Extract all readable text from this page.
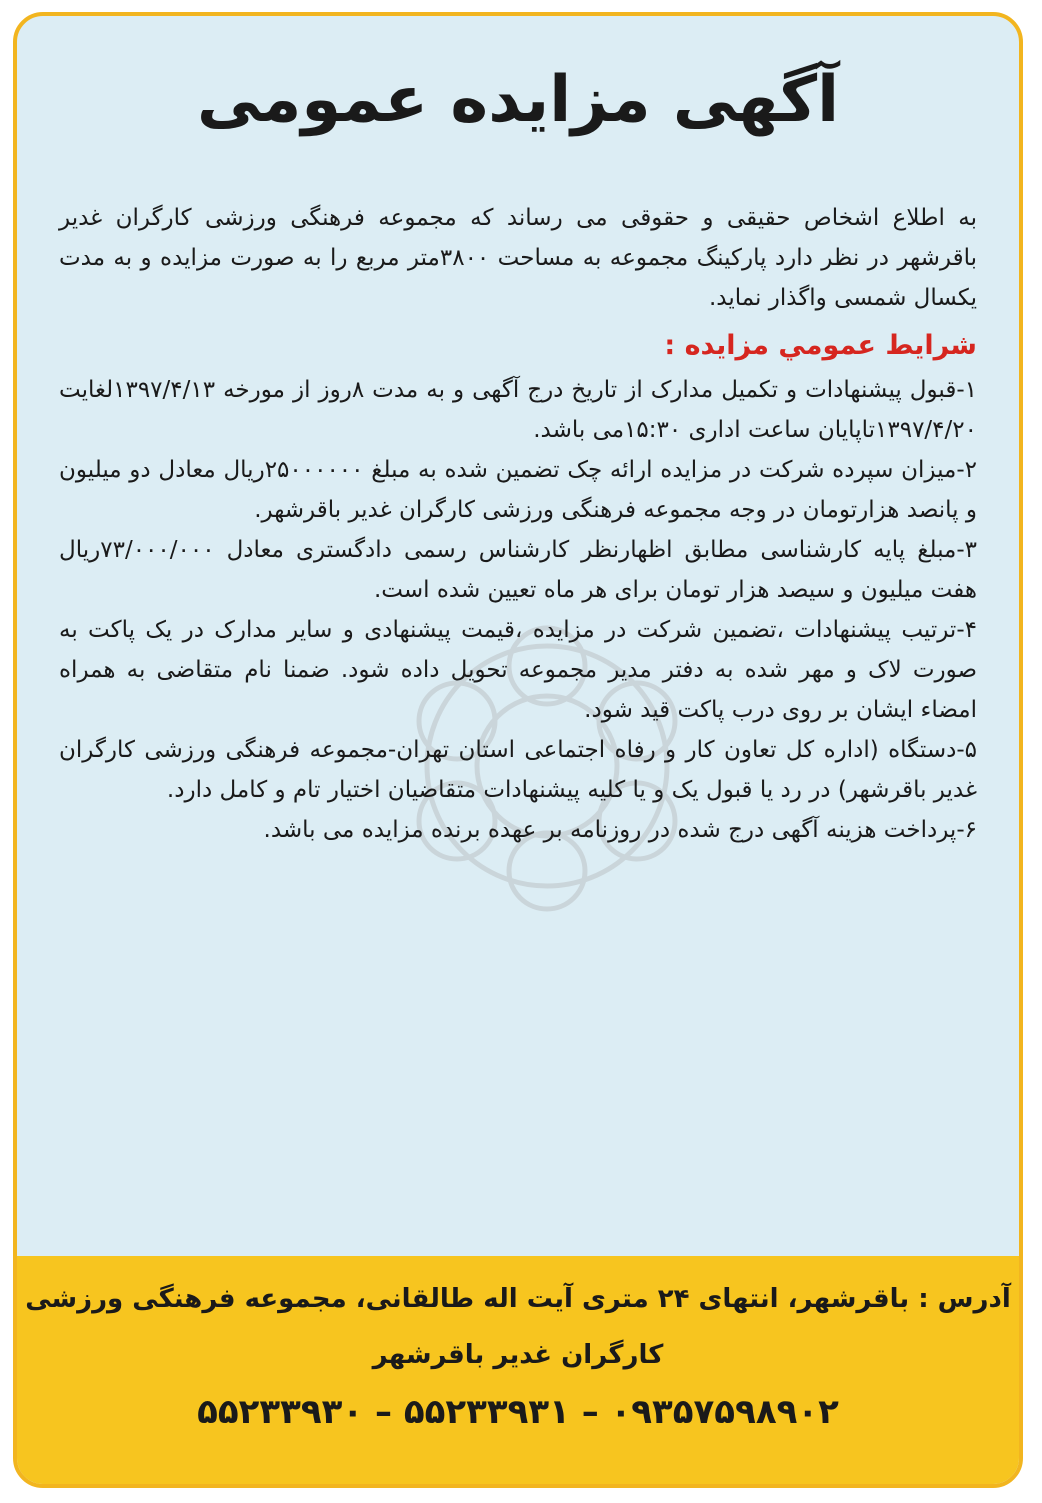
آگهی مزایده عمومی

به اطلاع اشخاص حقیقی و حقوقی می رساند که مجموعه فرهنگی ورزشی کارگران غدیر باقرشهر در نظر دارد پارکینگ مجموعه به مساحت ۳۸۰۰متر مربع را به صورت مزایده و به مدت یکسال شمسی واگذار نماید.

شرايط عمومي مزايده :

۱-قبول پیشنهادات و تکمیل مدارک از تاریخ درج آگهی و به مدت ۸روز از مورخه ۱۳۹۷/۴/۱۳لغایت ۱۳۹۷/۴/۲۰تاپایان ساعت اداری ۱۵:۳۰می باشد.

۲-میزان سپرده شرکت در مزایده ارائه چک تضمین شده به مبلغ ۲۵۰۰۰۰۰۰ریال معادل دو میلیون و پانصد هزارتومان در وجه مجموعه فرهنگی ورزشی کارگران غدیر باقرشهر.

۳-مبلغ پایه کارشناسی مطابق اظهارنظر کارشناس رسمی دادگستری معادل ۷۳/۰۰۰/۰۰۰ریال هفت میلیون و سیصد هزار تومان برای هر ماه تعیین شده است.

۴-ترتیب پیشنهادات ،تضمین شرکت در مزایده ،قیمت پیشنهادی و سایر مدارک در یک پاکت به صورت لاک و مهر شده به دفتر مدیر مجموعه تحویل داده شود. ضمنا نام متقاضی به همراه امضاء ایشان بر روی درب پاکت قید شود.

۵-دستگاه (اداره کل تعاون کار و رفاه اجتماعی استان تهران-مجموعه فرهنگی ورزشی کارگران غدیر باقرشهر) در رد یا قبول یک و یا کلیه پیشنهادات متقاضیان اختیار تام و کامل دارد.

۶-پرداخت هزینه آگهی درج شده در روزنامه بر عهده برنده مزایده می باشد.

آدرس : باقرشهر، انتهای ۲۴ متری آیت اله طالقانی، مجموعه فرهنگی ورزشی
کارگران غدیر باقرشهر
۵۵۲۳۳۹۳۰ – ۵۵۲۳۳۹۳۱ – ۰۹۳۵۷۵۹۸۹۰۲
